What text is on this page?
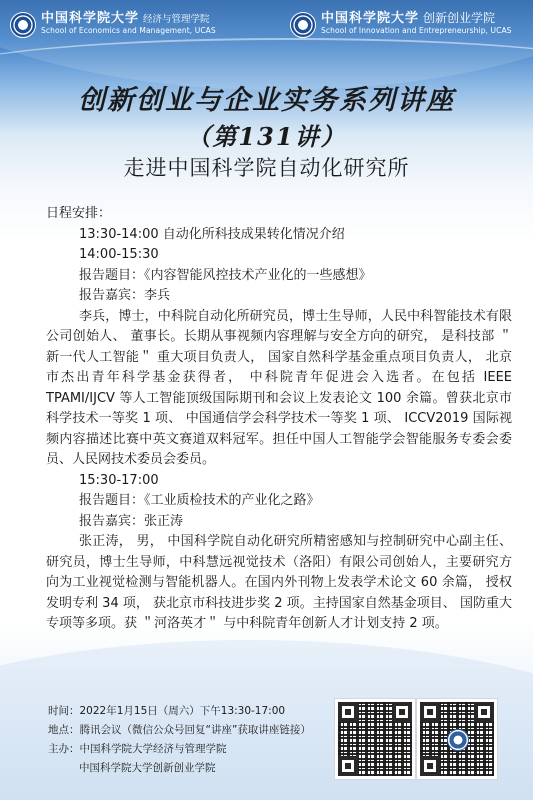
中国科学院大学 经济与管理学院
School of Economics and Management, UCAS
中国科学院大学 创新创业学院
School of Innovation and Entrepreneurship, UCAS
创新创业与企业实务系列讲座
（第131讲）
走进中国科学院自动化研究所

日程安排：

13:30-14:00 自动化所科技成果转化情况介绍

14:00-15:30

报告题目：《内容智能风控技术产业化的一些感想》

报告嘉宾：李兵

李兵，博士，中科院自动化所研究员，博士生导师，人民中科智能技术有限公司创始人、 董事长。长期从事视频内容理解与安全方向的研究， 是科技部 ＂新一代人工智能＂ 重大项目负责人， 国家自然科学基金重点项目负责人， 北京市杰出青年科学基金获得者， 中科院青年促进会入选者。在包括 IEEE TPAMI/IJCV 等人工智能顶级国际期刊和会议上发表论文 100 余篇。曾获北京市科学技术一等奖 1 项、 中国通信学会科学技术一等奖 1 项、 ICCV2019 国际视频内容描述比赛中英文赛道双料冠军。担任中国人工智能学会智能服务专委会委员、人民网技术委员会委员。

15:30-17:00

报告题目：《工业质检技术的产业化之路》

报告嘉宾：张正涛

张正涛， 男， 中国科学院自动化研究所精密感知与控制研究中心副主任、研究员，博士生导师，中科慧远视觉技术（洛阳）有限公司创始人，主要研究方向为工业视觉检测与智能机器人。在国内外刊物上发表学术论文 60 余篇， 授权发明专利 34 项， 获北京市科技进步奖 2 项。主持国家自然基金项目、 国防重大专项等多项。获 ＂河洛英才＂ 与中科院青年创新人才计划支持 2 项。

时间： 2022年1月15日（周六）下午13:30-17:00
地点： 腾讯会议（微信公众号回复“讲座”获取讲座链接）
主办： 中国科学院大学经济与管理学院
中国科学院大学创新创业学院
